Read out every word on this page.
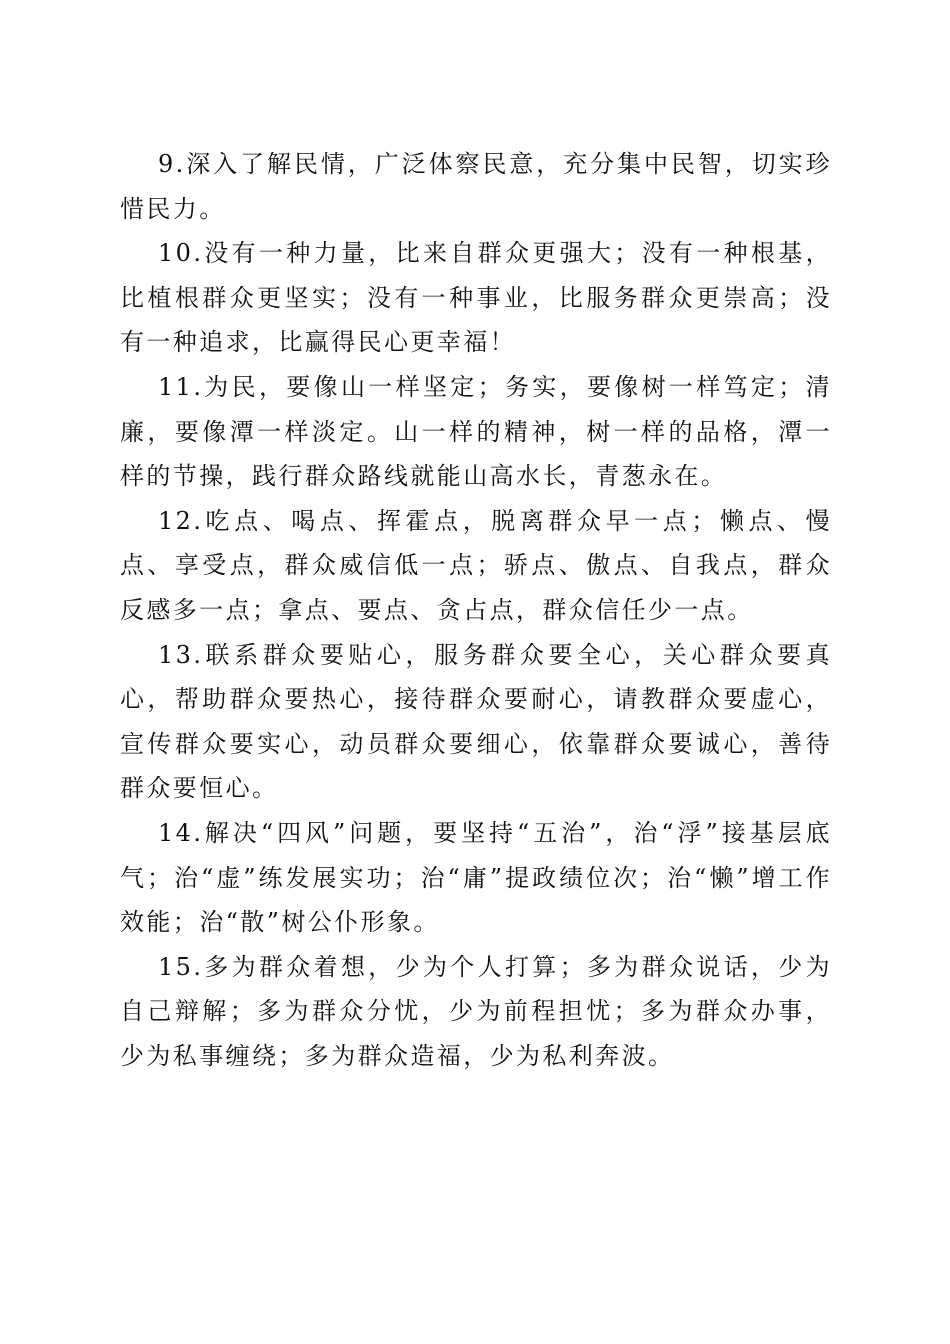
9.深入了解民情，广泛体察民意，充分集中民智，切实珍惜民力。

10.没有一种力量，比来自群众更强大；没有一种根基，比植根群众更坚实；没有一种事业，比服务群众更崇高；没有一种追求，比赢得民心更幸福！

11.为民，要像山一样坚定；务实，要像树一样笃定；清廉，要像潭一样淡定。山一样的精神，树一样的品格，潭一样的节操，践行群众路线就能山高水长，青葱永在。

12.吃点、喝点、挥霍点，脱离群众早一点；懒点、慢点、享受点，群众威信低一点；骄点、傲点、自我点，群众反感多一点；拿点、要点、贪占点，群众信任少一点。

13.联系群众要贴心，服务群众要全心，关心群众要真心，帮助群众要热心，接待群众要耐心，请教群众要虚心，宣传群众要实心，动员群众要细心，依靠群众要诚心，善待群众要恒心。

14.解决“四风”问题，要坚持“五治”，治“浮”接基层底气；治“虚”练发展实功；治“庸”提政绩位次；治“懒”增工作效能；治“散”树公仆形象。

15.多为群众着想，少为个人打算；多为群众说话，少为自己辩解；多为群众分忧，少为前程担忧；多为群众办事，少为私事缠绕；多为群众造福，少为私利奔波。
